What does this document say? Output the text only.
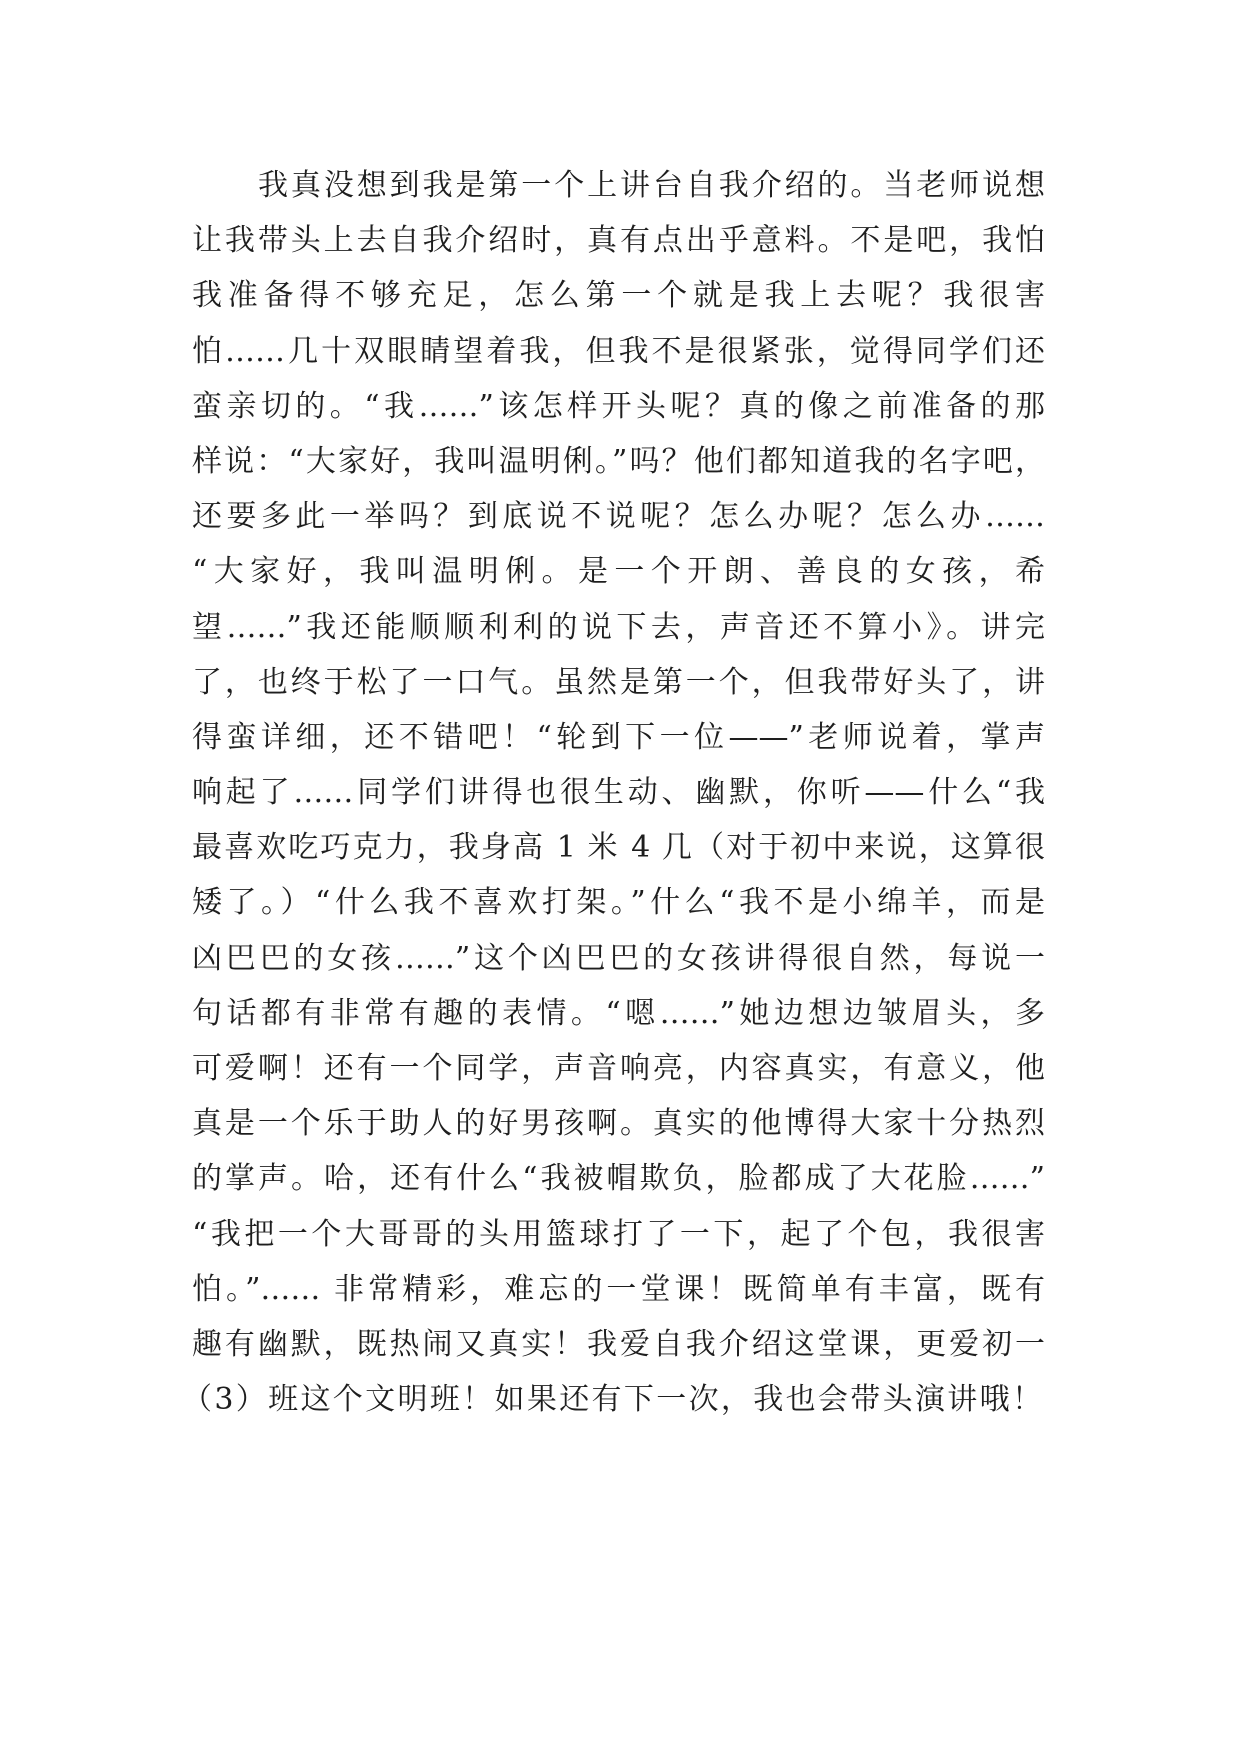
我真没想到我是第一个上讲台自我介绍的。当老师说想
让我带头上去自我介绍时，真有点出乎意料。不是吧，我怕
我准备得不够充足，怎么第一个就是我上去呢？我很害
怕……几十双眼睛望着我，但我不是很紧张，觉得同学们还
蛮亲切的。“我……”该怎样开头呢？真的像之前准备的那
样说：“大家好，我叫温明俐。”吗？他们都知道我的名字吧，
还要多此一举吗？到底说不说呢？怎么办呢？怎么办……
“大家好，我叫温明俐。是一个开朗、善良的女孩，希
望……”我还能顺顺利利的说下去，声音还不算小》。讲完
了，也终于松了一口气。虽然是第一个，但我带好头了，讲
得蛮详细，还不错吧！“轮到下一位——”老师说着，掌声
响起了……同学们讲得也很生动、幽默，你听——什么“我
最喜欢吃巧克力，我身高 1 米 4 几（对于初中来说，这算很
矮了。）“什么我不喜欢打架。”什么“我不是小绵羊，而是
凶巴巴的女孩……”这个凶巴巴的女孩讲得很自然，每说一
句话都有非常有趣的表情。“嗯……”她边想边皱眉头，多
可爱啊！还有一个同学，声音响亮，内容真实，有意义，他
真是一个乐于助人的好男孩啊。真实的他博得大家十分热烈
的掌声。哈，还有什么“我被帽欺负，脸都成了大花脸……”
“我把一个大哥哥的头用篮球打了一下，起了个包，我很害
怕。”…… 非常精彩，难忘的一堂课！既简单有丰富，既有
趣有幽默，既热闹又真实！我爱自我介绍这堂课，更爱初一
（3）班这个文明班！如果还有下一次，我也会带头演讲哦！
